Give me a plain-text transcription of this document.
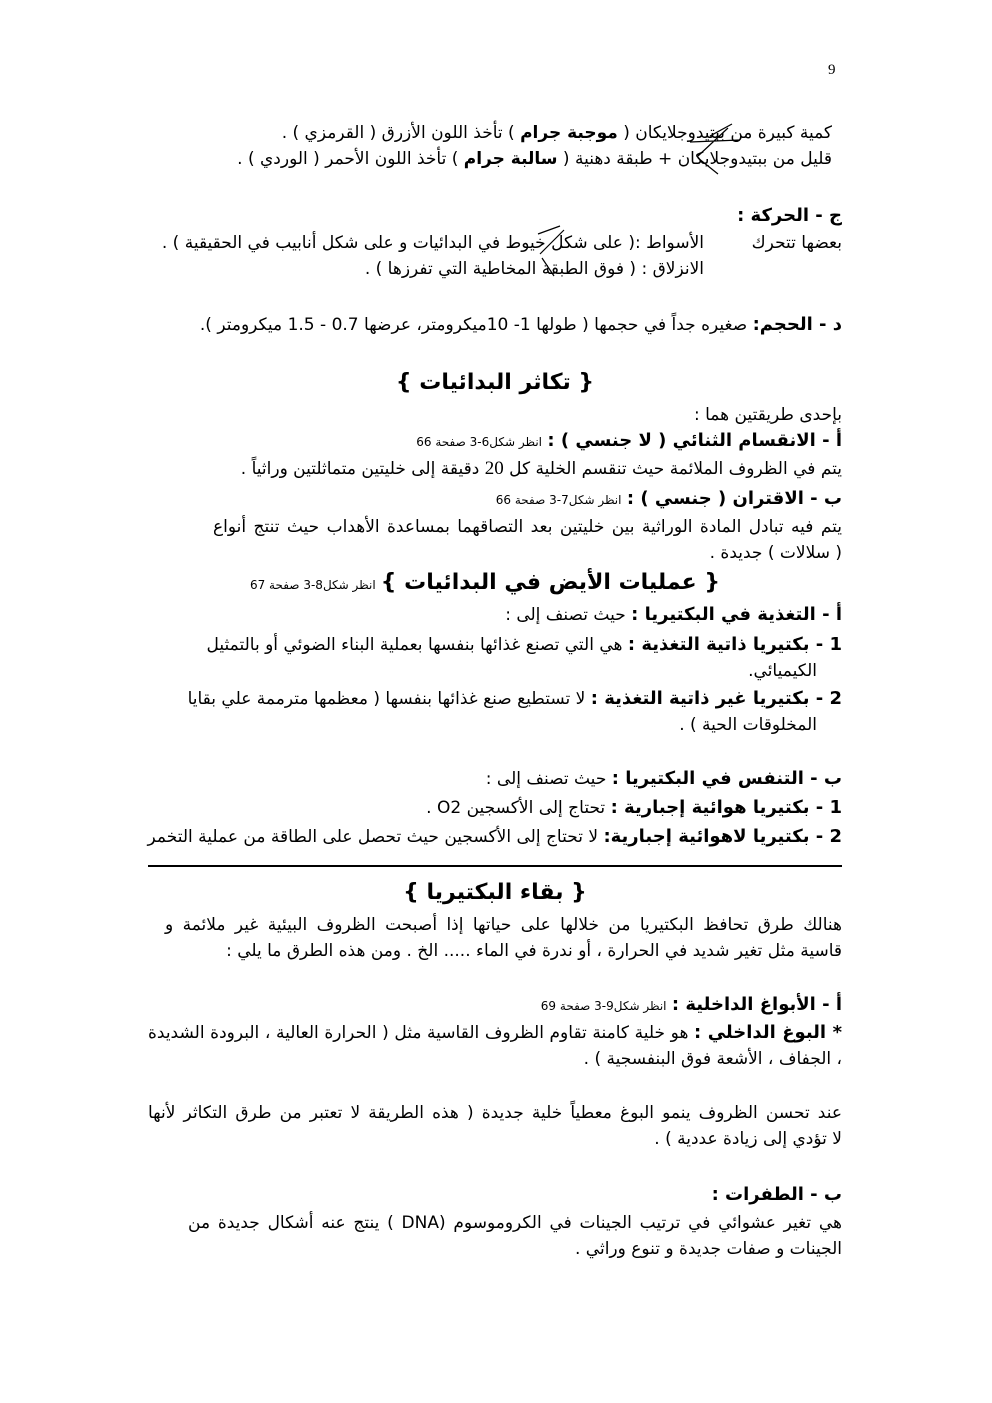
9
كمية كبيرة من ببتيدوجلايكان ( موجبة جرام ) تأخذ اللون الأزرق ( القرمزي ) .
قليل من ببتيدوجلايكان + طبقة دهنية ( سالبة جرام ) تأخذ اللون الأحمر ( الوردي ) .
ج - الحركة :
بعضها تتحرك
الأسواط :( على شكل خيوط في البدائيات و على شكل أنابيب في الحقيقية ) .
الانزلاق : ( فوق الطبقة المخاطية التي تفرزها ) .
د - الحجم: صغيره جداً في حجمها ( طولها 1- 10ميكرومتر، عرضها 0.7 - 1.5 ميكرومتر ).
{ تكاثر البدائيات }
بإحدى طريقتين هما :
أ - الانقسام الثنائي ( لا جنسي ) : انظر شكل6-3 صفحة 66
يتم في الظروف الملائمة حيث تنقسم الخلية كل 20 دقيقة إلى خليتين متماثلتين وراثياً .
ب - الاقتران ( جنسي ) : انظر شكل7-3 صفحة 66
يتم فيه تبادل المادة الوراثية بين خليتين بعد التصاقهما بمساعدة الأهداب حيث تنتج أنواع
( سلالات ) جديدة .
{ عمليات الأيض في البدائيات } انظر شكل8-3 صفحة 67
أ - التغذية في البكتيريا : حيث تصنف إلى :
1 - بكتيريا ذاتية التغذية : هي التي تصنع غذائها بنفسها بعملية البناء الضوئي أو بالتمثيل
الكيميائي.
2 - بكتيريا غير ذاتية التغذية : لا تستطيع صنع غذائها بنفسها ( معظمها مترممة علي بقايا
المخلوقات الحية ) .
ب - التنفس في البكتيريا : حيث تصنف إلى :
1 - بكتيريا هوائية إجبارية : تحتاج إلى الأكسجين O2 .
2 - بكتيريا لاهوائية إجبارية: لا تحتاج إلى الأكسجين حيث تحصل على الطاقة من عملية التخمر
{ بقاء البكتيريا }
هنالك طرق تحافظ البكتيريا من خلالها على حياتها إذا أصبحت الظروف البيئية غير ملائمة و
قاسية مثل تغير شديد في الحرارة ، أو ندرة في الماء ..... الخ . ومن هذه الطرق ما يلي :
أ - الأبواغ الداخلية : انظر شكل9-3 صفحة 69
* البوغ الداخلي : هو خلية كامنة تقاوم الظروف القاسية مثل ( الحرارة العالية ، البرودة الشديدة
، الجفاف ، الأشعة فوق البنفسجية ) .
عند تحسن الظروف ينمو البوغ معطياً خلية جديدة ( هذه الطريقة لا تعتبر من طرق التكاثر لأنها
لا تؤدي إلى زيادة عددية ) .
ب - الطفرات :
هي تغير عشوائي في ترتيب الجينات في الكروموسوم (DNA ) ينتج عنه أشكال جديدة من
الجينات و صفات جديدة و تنوع وراثي .
